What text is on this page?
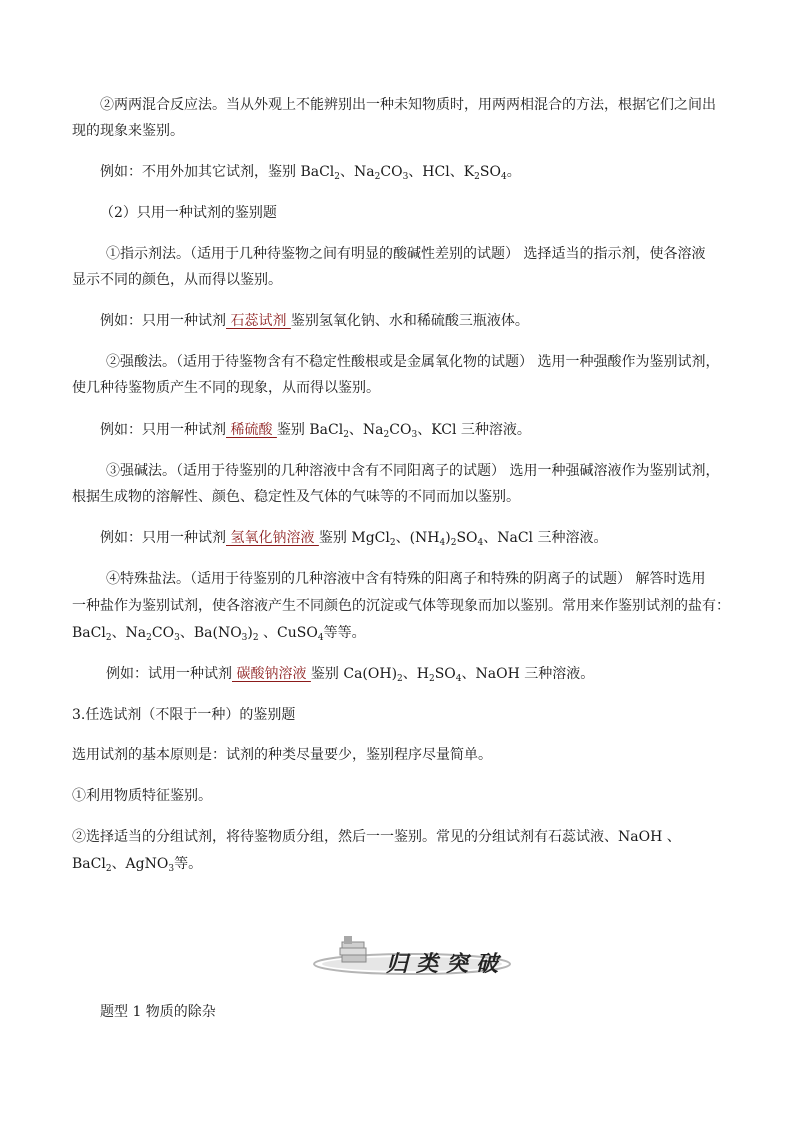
②两两混合反应法。当从外观上不能辨别出一种未知物质时，用两两相混合的方法，根据它们之间出
现的现象来鉴别。
例如：不用外加其它试剂，鉴别 BaCl$_2$、$Na_2CO_3$、HCl、$K_2SO_4$。
（2）只用一种试剂的鉴别题
①指示剂法。（适用于几种待鉴物之间有明显的酸碱性差别的试题） 选择适当的指示剂，使各溶液
显示不同的颜色，从而得以鉴别。
例如：只用一种试剂 石蕊试剂 鉴别氢氧化钠、水和稀硫酸三瓶液体。
②强酸法。（适用于待鉴物含有不稳定性酸根或是金属氧化物的试题） 选用一种强酸作为鉴别试剂，
使几种待鉴物质产生不同的现象，从而得以鉴别。
例如：只用一种试剂 稀硫酸 鉴别 BaCl$_2$、$Na_2CO_3$、KCl 三种溶液。
③强碱法。（适用于待鉴别的几种溶液中含有不同阳离子的试题） 选用一种强碱溶液作为鉴别试剂，
根据生成物的溶解性、颜色、稳定性及气体的气味等的不同而加以鉴别。
例如：只用一种试剂 氢氧化钠溶液 鉴别 MgCl$_2$、$(NH_4)_2SO_4$、NaCl 三种溶液。
④特殊盐法。（适用于待鉴别的几种溶液中含有特殊的阳离子和特殊的阴离子的试题） 解答时选用
一种盐作为鉴别试剂，使各溶液产生不同颜色的沉淀或气体等现象而加以鉴别。常用来作鉴别试剂的盐有：
BaCl$_2$、$Na_2CO_3$、$Ba(NO_3)_2$ 、CuSO$_4$等等。
例如：试用一种试剂 碳酸钠溶液 鉴别 $Ca(OH)_2$、$H_2SO_4$、NaOH 三种溶液。
3.任选试剂（不限于一种）的鉴别题
选用试剂的基本原则是：试剂的种类尽量要少，鉴别程序尽量简单。
①利用物质特征鉴别。
②选择适当的分组试剂，将待鉴物质分组，然后一一鉴别。常见的分组试剂有石蕊试液、NaOH 、
BaCl$_2$、AgNO$_3$等。
归类突破
题型 1 物质的除杂
